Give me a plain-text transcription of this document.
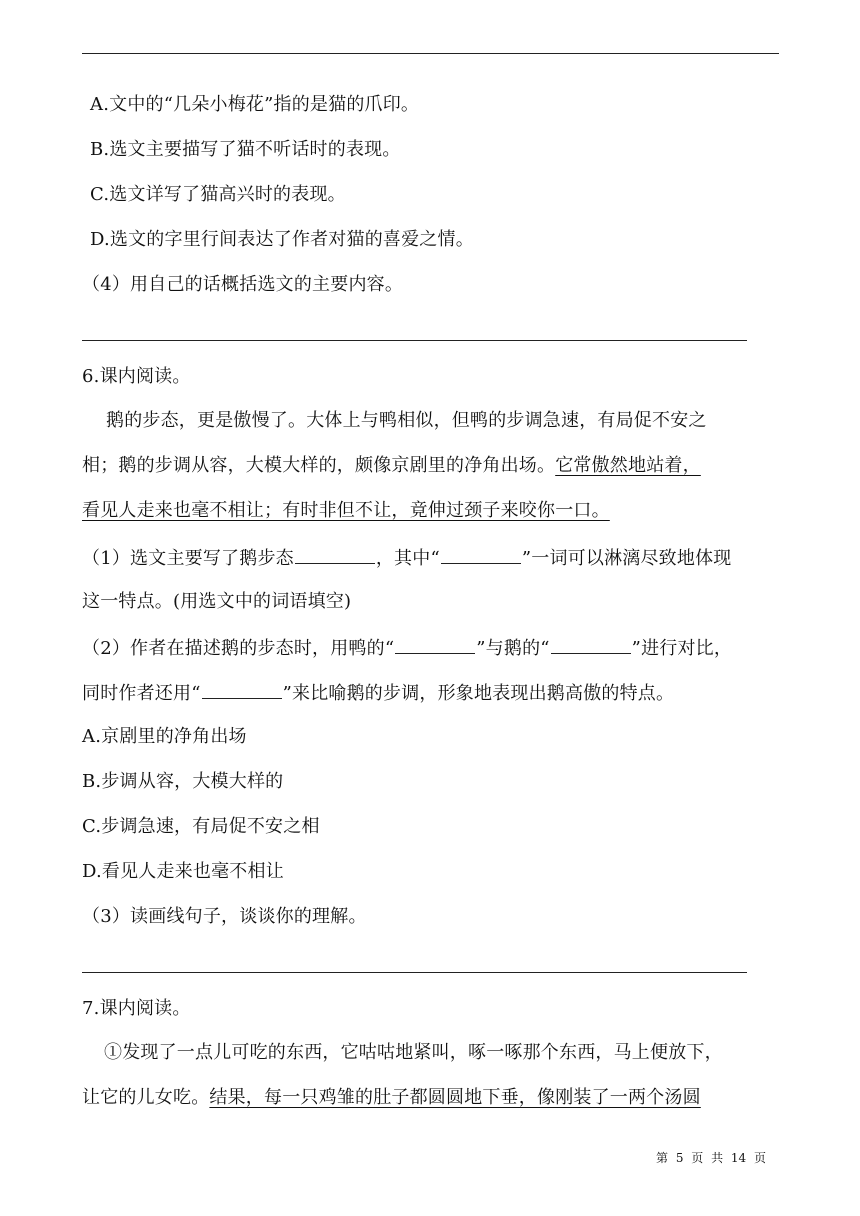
A.文中的“几朵小梅花”指的是猫的爪印。
B.选文主要描写了猫不听话时的表现。
C.选文详写了猫高兴时的表现。
D.选文的字里行间表达了作者对猫的喜爱之情。
（4）用自己的话概括选文的主要内容。
6.课内阅读。
鹅的步态，更是傲慢了。大体上与鸭相似，但鸭的步调急速，有局促不安之
相；鹅的步调从容，大模大样的，颇像京剧里的净角出场。它常傲然地站着，
看见人走来也毫不相让；有时非但不让，竟伸过颈子来咬你一口。
（1）选文主要写了鹅步态	，其中“	”一词可以淋漓尽致地体现
这一特点。(用选文中的词语填空)
（2）作者在描述鹅的步态时，用鸭的“	”与鹅的“	”进行对比，
同时作者还用“	”来比喻鹅的步调，形象地表现出鹅高傲的特点。
A.京剧里的净角出场
B.步调从容，大模大样的
C.步调急速，有局促不安之相
D.看见人走来也毫不相让
（3）读画线句子，谈谈你的理解。
7.课内阅读。
①发现了一点儿可吃的东西，它咕咕地紧叫，啄一啄那个东西，马上便放下，
让它的儿女吃。结果，每一只鸡雏的肚子都圆圆地下垂，像刚装了一两个汤圆
第 5 页 共 14 页
